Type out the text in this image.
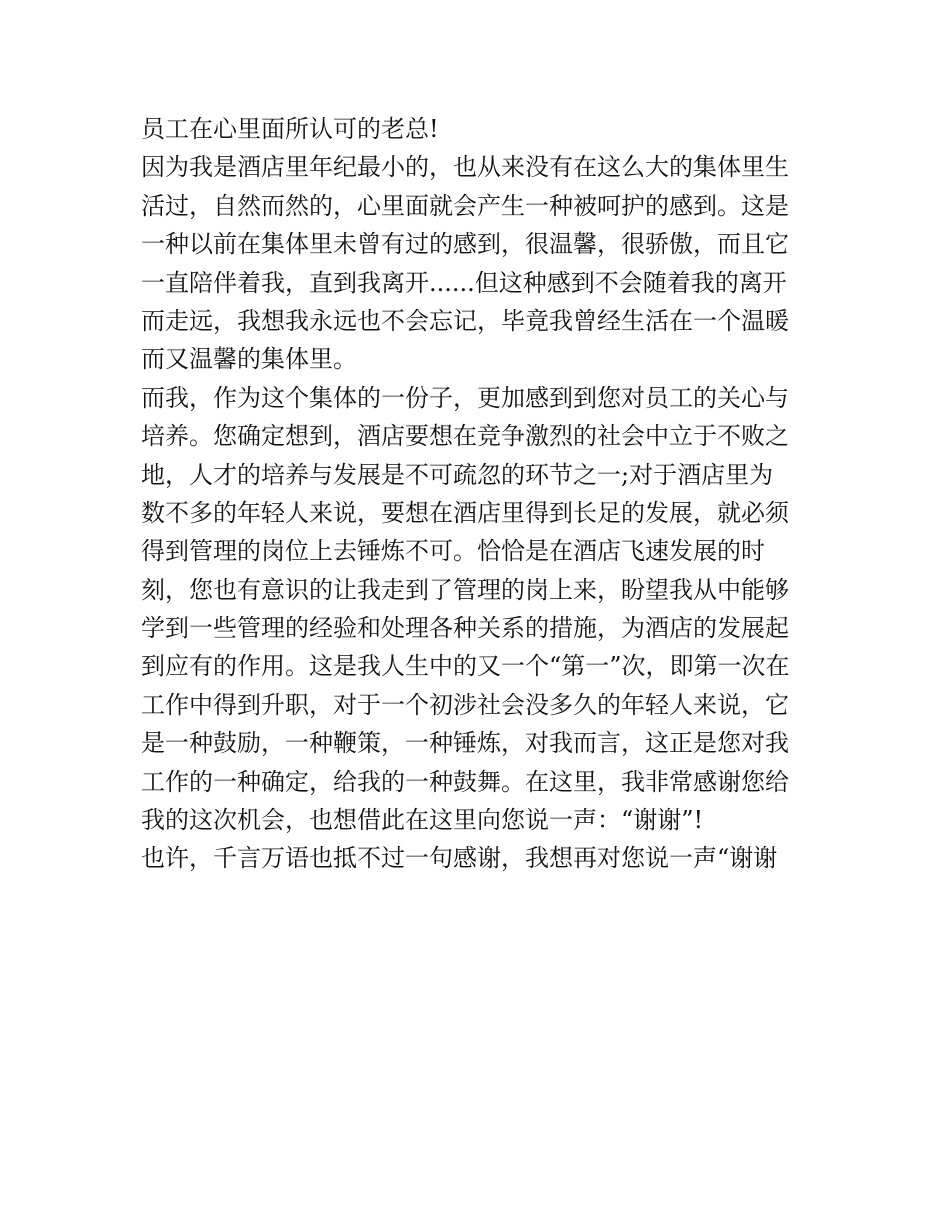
员工在心里面所认可的老总!
因为我是酒店里年纪最小的，也从来没有在这么大的集体里生
活过，自然而然的，心里面就会产生一种被呵护的感到。这是
一种以前在集体里未曾有过的感到，很温馨，很骄傲，而且它
一直陪伴着我，直到我离开......但这种感到不会随着我的离开
而走远，我想我永远也不会忘记，毕竟我曾经生活在一个温暖
而又温馨的集体里。
而我，作为这个集体的一份子，更加感到到您对员工的关心与
培养。您确定想到，酒店要想在竞争激烈的社会中立于不败之
地，人才的培养与发展是不可疏忽的环节之一;对于酒店里为
数不多的年轻人来说，要想在酒店里得到长足的发展，就必须
得到管理的岗位上去锤炼不可。恰恰是在酒店飞速发展的时
刻，您也有意识的让我走到了管理的岗上来，盼望我从中能够
学到一些管理的经验和处理各种关系的措施，为酒店的发展起
到应有的作用。这是我人生中的又一个“第一”次，即第一次在
工作中得到升职，对于一个初涉社会没多久的年轻人来说，它
是一种鼓励，一种鞭策，一种锤炼，对我而言，这正是您对我
工作的一种确定，给我的一种鼓舞。在这里，我非常感谢您给
我的这次机会，也想借此在这里向您说一声：“谢谢”!
也许，千言万语也抵不过一句感谢，我想再对您说一声“谢谢
